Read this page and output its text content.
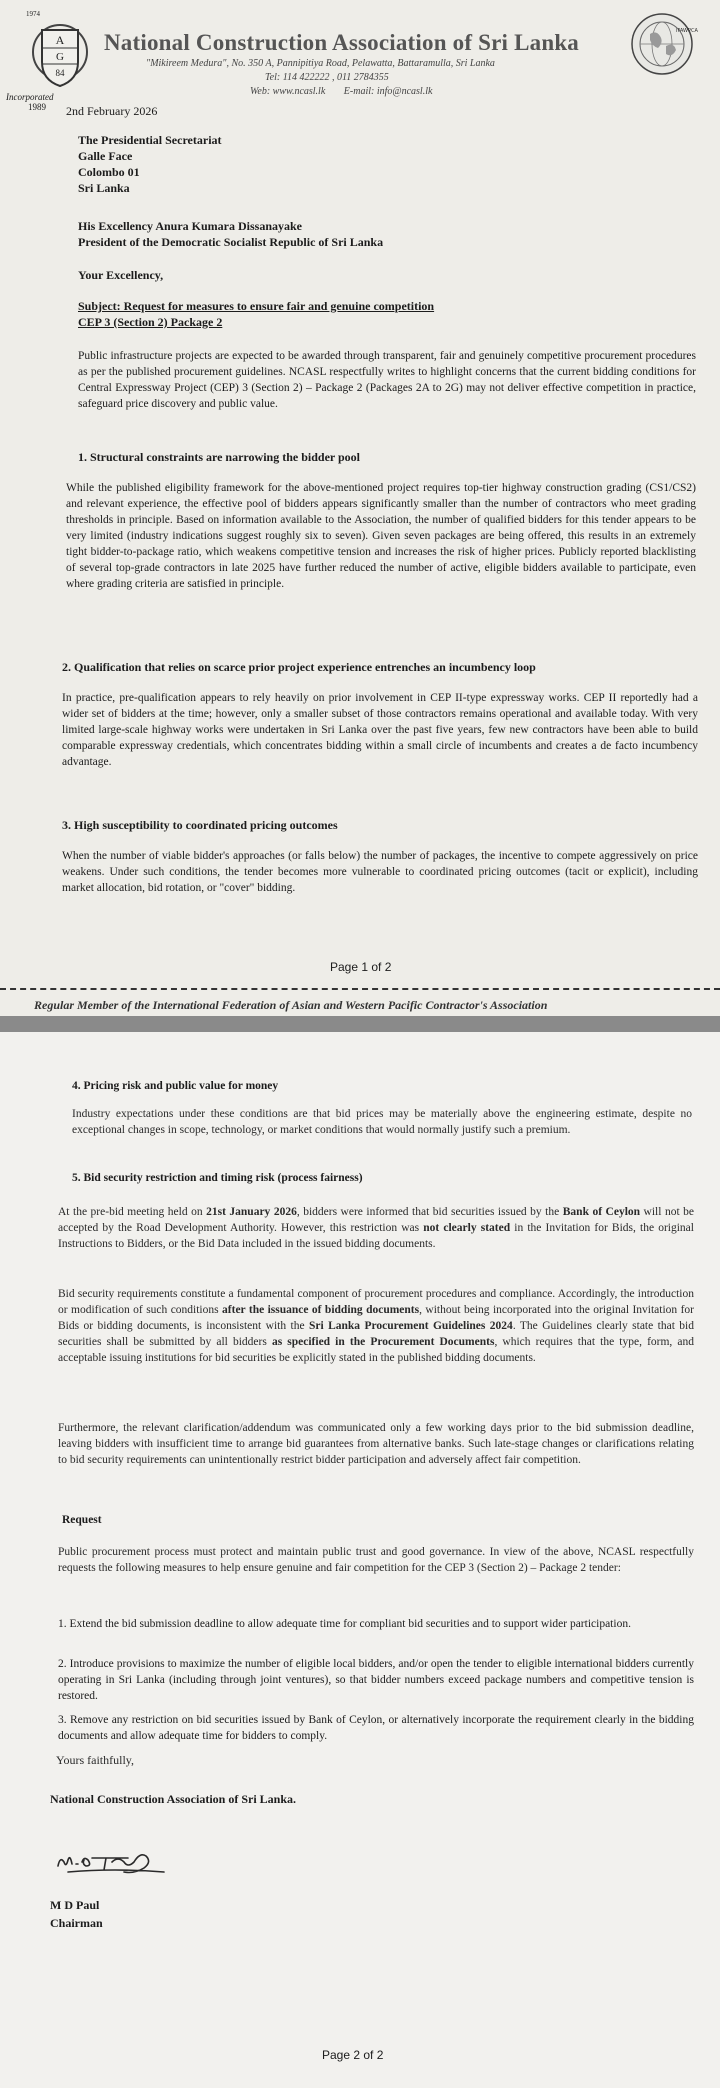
1974
A
G
84
Incorporated
1989
National Construction Association of Sri Lanka
"Mikireem Medura", No. 350 A, Pannipitiya Road, Pelawatta, Battaramulla, Sri Lanka
Tel: 114 422222 , 011 2784355
Web: www.ncasl.lk E-mail: info@ncasl.lk
IFAWPCA
2nd February 2026
The Presidential Secretariat
Galle Face
Colombo 01
Sri Lanka
His Excellency Anura Kumara Dissanayake
President of the Democratic Socialist Republic of Sri Lanka
Your Excellency,
Subject: Request for measures to ensure fair and genuine competition
CEP 3 (Section 2) Package 2
Public infrastructure projects are expected to be awarded through transparent, fair and genuinely competitive procurement procedures as per the published procurement guidelines. NCASL respectfully writes to highlight concerns that the current bidding conditions for Central Expressway Project (CEP) 3 (Section 2) – Package 2 (Packages 2A to 2G) may not deliver effective competition in practice, safeguard price discovery and public value.
1. Structural constraints are narrowing the bidder pool
While the published eligibility framework for the above-mentioned project requires top-tier highway construction grading (CS1/CS2) and relevant experience, the effective pool of bidders appears significantly smaller than the number of contractors who meet grading thresholds in principle. Based on information available to the Association, the number of qualified bidders for this tender appears to be very limited (industry indications suggest roughly six to seven). Given seven packages are being offered, this results in an extremely tight bidder-to-package ratio, which weakens competitive tension and increases the risk of higher prices. Publicly reported blacklisting of several top-grade contractors in late 2025 have further reduced the number of active, eligible bidders available to participate, even where grading criteria are satisfied in principle.
2. Qualification that relies on scarce prior project experience entrenches an incumbency loop
In practice, pre-qualification appears to rely heavily on prior involvement in CEP II-type expressway works. CEP II reportedly had a wider set of bidders at the time; however, only a smaller subset of those contractors remains operational and available today. With very limited large-scale highway works were undertaken in Sri Lanka over the past five years, few new contractors have been able to build comparable expressway credentials, which concentrates bidding within a small circle of incumbents and creates a de facto incumbency advantage.
3. High susceptibility to coordinated pricing outcomes
When the number of viable bidder's approaches (or falls below) the number of packages, the incentive to compete aggressively on price weakens. Under such conditions, the tender becomes more vulnerable to coordinated pricing outcomes (tacit or explicit), including market allocation, bid rotation, or "cover" bidding.
Page 1 of 2
Regular Member of the International Federation of Asian and Western Pacific Contractor's Association
4. Pricing risk and public value for money
Industry expectations under these conditions are that bid prices may be materially above the engineering estimate, despite no exceptional changes in scope, technology, or market conditions that would normally justify such a premium.
5. Bid security restriction and timing risk (process fairness)
At the pre-bid meeting held on 21st January 2026, bidders were informed that bid securities issued by the Bank of Ceylon will not be accepted by the Road Development Authority. However, this restriction was not clearly stated in the Invitation for Bids, the original Instructions to Bidders, or the Bid Data included in the issued bidding documents.
Bid security requirements constitute a fundamental component of procurement procedures and compliance. Accordingly, the introduction or modification of such conditions after the issuance of bidding documents, without being incorporated into the original Invitation for Bids or bidding documents, is inconsistent with the Sri Lanka Procurement Guidelines 2024. The Guidelines clearly state that bid securities shall be submitted by all bidders as specified in the Procurement Documents, which requires that the type, form, and acceptable issuing institutions for bid securities be explicitly stated in the published bidding documents.
Furthermore, the relevant clarification/addendum was communicated only a few working days prior to the bid submission deadline, leaving bidders with insufficient time to arrange bid guarantees from alternative banks. Such late-stage changes or clarifications relating to bid security requirements can unintentionally restrict bidder participation and adversely affect fair competition.
Request
Public procurement process must protect and maintain public trust and good governance. In view of the above, NCASL respectfully requests the following measures to help ensure genuine and fair competition for the CEP 3 (Section 2) – Package 2 tender:
1. Extend the bid submission deadline to allow adequate time for compliant bid securities and to support wider participation.
2. Introduce provisions to maximize the number of eligible local bidders, and/or open the tender to eligible international bidders currently operating in Sri Lanka (including through joint ventures), so that bidder numbers exceed package numbers and competitive tension is restored.
3. Remove any restriction on bid securities issued by Bank of Ceylon, or alternatively incorporate the requirement clearly in the bidding documents and allow adequate time for bidders to comply.
Yours faithfully,
National Construction Association of Sri Lanka.
M D Paul
Chairman
Page 2 of 2
